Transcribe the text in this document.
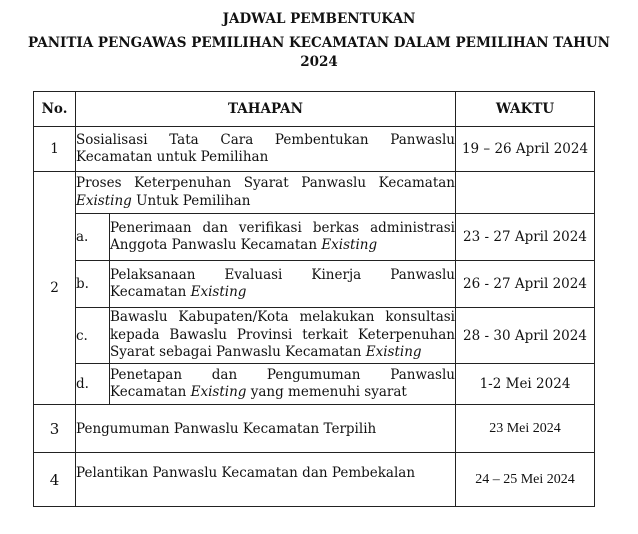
JADWAL PEMBENTUKAN
PANITIA PENGAWAS PEMILIHAN KECAMATAN DALAM PEMILIHAN TAHUN
2024
No.	TAHAPAN		WAKTU
1	Sosialisasi Tata Cara Pembentukan Panwaslu Kecamatan untuk Pemilihan		19 – 26 April 2024
2	Proses Keterpenuhan Syarat Panwaslu Kecamatan Existing Untuk Pemilihan		
	a.	Penerimaan dan verifikasi berkas administrasi Anggota Panwaslu Kecamatan Existing	23 - 27 April 2024
	b.	Pelaksanaan Evaluasi Kinerja Panwaslu Kecamatan Existing	26 - 27 April 2024
	c.	Bawaslu Kabupaten/Kota melakukan konsultasi kepada Bawaslu Provinsi terkait Keterpenuhan Syarat sebagai Panwaslu Kecamatan Existing	28 - 30 April 2024
	d.	Penetapan dan Pengumuman Panwaslu Kecamatan Existing yang memenuhi syarat	1-2 Mei 2024
3	Pengumuman Panwaslu Kecamatan Terpilih		23 Mei 2024
4	Pelantikan Panwaslu Kecamatan dan Pembekalan		24 – 25 Mei 2024
